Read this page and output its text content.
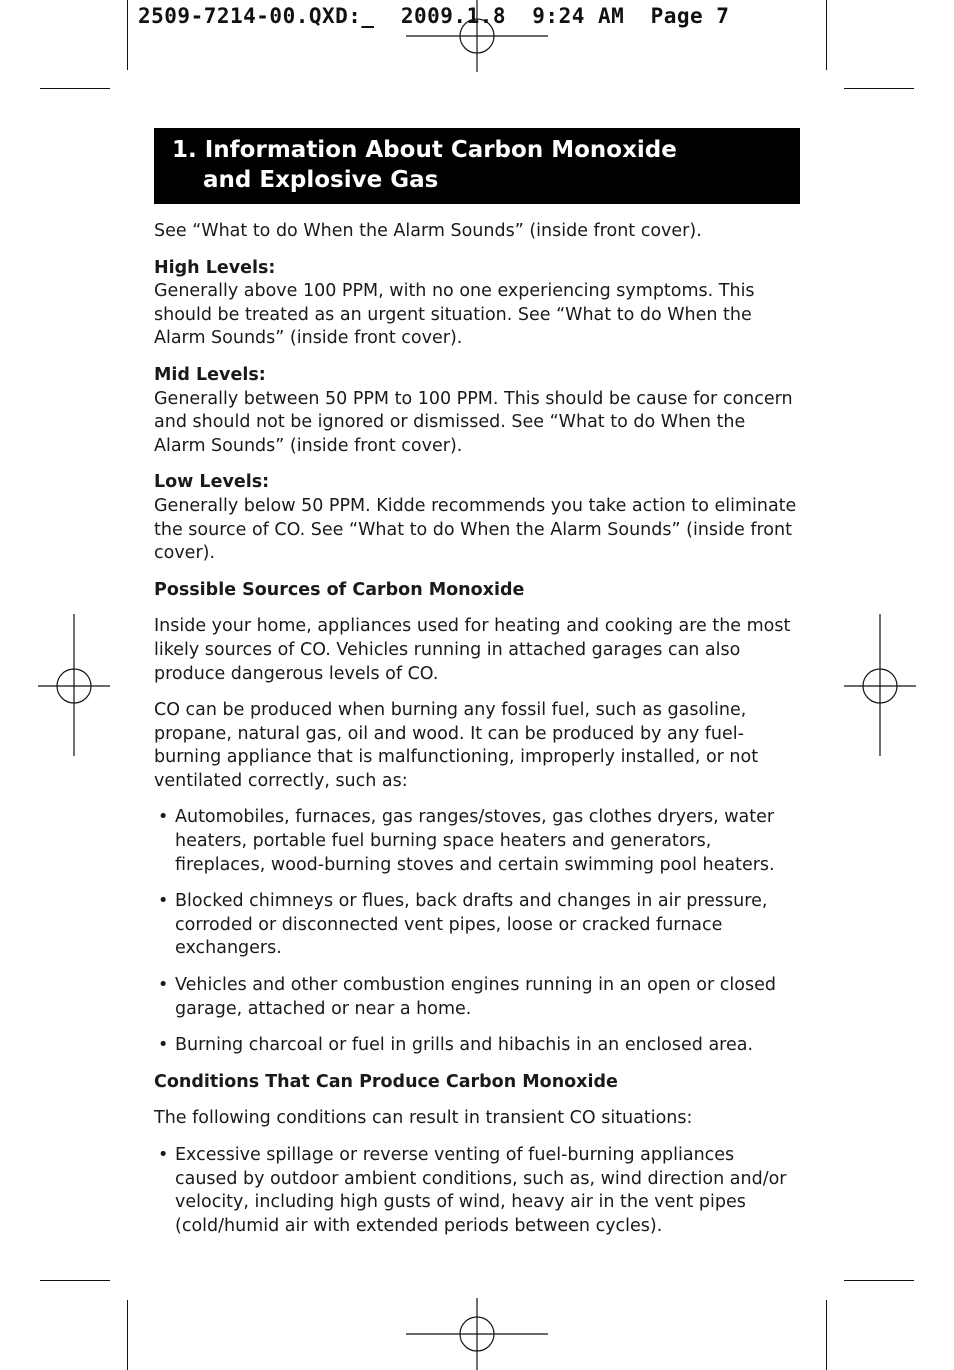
2509-7214-00.QXD:_  2009.1.8  9:24 AM  Page 7
1. Information About Carbon Monoxide
and Explosive Gas

See “What to do When the Alarm Sounds” (inside front cover).

High Levels:
Generally above 100 PPM, with no one experiencing symptoms. This should be treated as an urgent situation. See “What to do When the Alarm Sounds” (inside front cover).
Mid Levels:
Generally between 50 PPM to 100 PPM. This should be cause for concern and should not be ignored or dismissed. See “What to do When the Alarm Sounds” (inside front cover).
Low Levels:
Generally below 50 PPM. Kidde recommends you take action to eliminate the source of CO. See “What to do When the Alarm Sounds” (inside front cover).
Possible Sources of Carbon Monoxide

Inside your home, appliances used for heating and cooking are the most likely sources of CO. Vehicles running in attached garages can also produce dangerous levels of CO.

CO can be produced when burning any fossil fuel, such as gasoline, propane, natural gas, oil and wood. It can be produced by any fuel-burning appliance that is malfunctioning, improperly installed, or not ventilated correctly, such as:

• Automobiles, furnaces, gas ranges/stoves, gas clothes dryers, water heaters, portable fuel burning space heaters and generators, fireplaces, wood-burning stoves and certain swimming pool heaters.
• Blocked chimneys or flues, back drafts and changes in air pressure, corroded or disconnected vent pipes, loose or cracked furnace exchangers.
• Vehicles and other combustion engines running in an open or closed garage, attached or near a home.
• Burning charcoal or fuel in grills and hibachis in an enclosed area.
Conditions That Can Produce Carbon Monoxide

The following conditions can result in transient CO situations:

• Excessive spillage or reverse venting of fuel-burning appliances caused by outdoor ambient conditions, such as, wind direction and/or velocity, including high gusts of wind, heavy air in the vent pipes (cold/humid air with extended periods between cycles).
